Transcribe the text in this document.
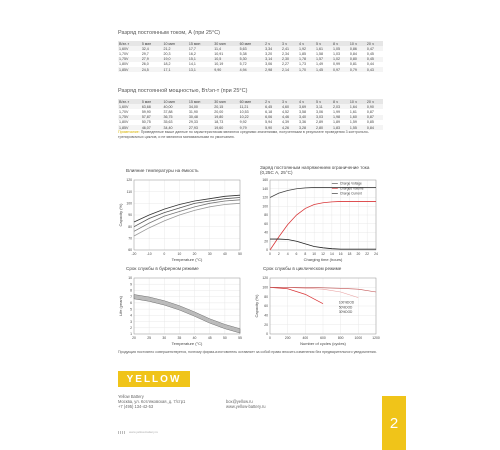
Разряд постоянным током, А (при 25°С)
В/эл-т	5 мин	10 мин	15 мин	30 мин	60 мин	2 ч	3 ч	4 ч	5 ч	8 ч	10 ч	20 ч
1,60V	32,4	21,2	17,7	11,4	5,63	3,34	2,41	1,92	1,61	1,05	0,86	0,47
1,70V	29,7	20,3	16,2	10,91	5,38	3,20	2,34	1,85	1,58	1,03	0,84	0,45
1,75V	27,9	19,0	15,1	10,5	5,30	3,14	2,30	1,78	1,57	1,02	0,80	0,45
1,80V	26,0	18,2	14,1	10,19	5,72	3,06	2,27	1,73	1,49	0,99	0,81	0,44
1,85V	24,5	17,1	13,1	9,90	4,94	2,98	2,14	1,70	1,45	0,97	0,79	0,43
Разряд постоянной мощностью, Вт/эл-т (при 25°С)
В/эл-т	5 мин	10 мин	15 мин	30 мин	60 мин	2 ч	3 ч	4 ч	5 ч	8 ч	10 ч	20 ч
1,60V	63,68	40,00	34,00	20,15	11,21	6,45	4,60	3,69	3,11	2,03	1,64	0,90
1,70V	59,90	37,88	31,90	20,00	10,53	6,18	4,52	3,58	3,06	1,99	1,61	0,87
1,75V	57,87	36,75	30,48	19,80	10,22	6,06	4,46	3,40	3,03	1,98	1,60	0,87
1,80V	50,75	35,63	29,33	18,73	9,92	5,94	4,39	3,36	2,89	1,89	1,59	0,85
1,85V	46,07	34,40	27,93	19,60	9,79	5,90	4,26	3,28	2,80	1,83	1,55	0,84
Примечание: Приведенные выше данные по характеристикам являются средними значениями, полученными в результате проведения 3 контрольно-тренировочных циклов, и не являются минимальными по умолчанию.
Влияние температуры на ёмкость
Заряд постоянным напряжением ограничение тока (0,25С А, 25°С)
Срок службы в буферном режиме	Срок службы в циклическом режиме
-20	-10	0	10	20	30	40	50
60
70
80
90
100
110
120
Temperature (°C)
Capacity (%)
0 2 4 6 8 10 12 14 16 18 20 22 24
0
20
40
60
80
100
120
140
160
Charging time (hours)
Charge Voltage
Charged Volume
Charge Current
20	25	30	35	40	45	50	55
1
2
3
4
5
6
7
8
9
10
Temperature (°C)
Life (years)
0	200	400	600	800	1000	1200
0
20
40
60
80
100
120
Number of cycles (cycles)
Capacity (%)	100%DOD
50%DOD
30%DOD
Продукция постоянно совершенствуется, поэтому фирма-изготовитель оставляет за собой право вносить изменения без предварительного уведомления.
YELLOW
Yellow Battery
Москва, ул. Котляковская, д. 7/стр1
+7 (495) 134-42-53
box@yellow.ru
www.yellow-battery.ru
www.yellow-battery.ru
2
